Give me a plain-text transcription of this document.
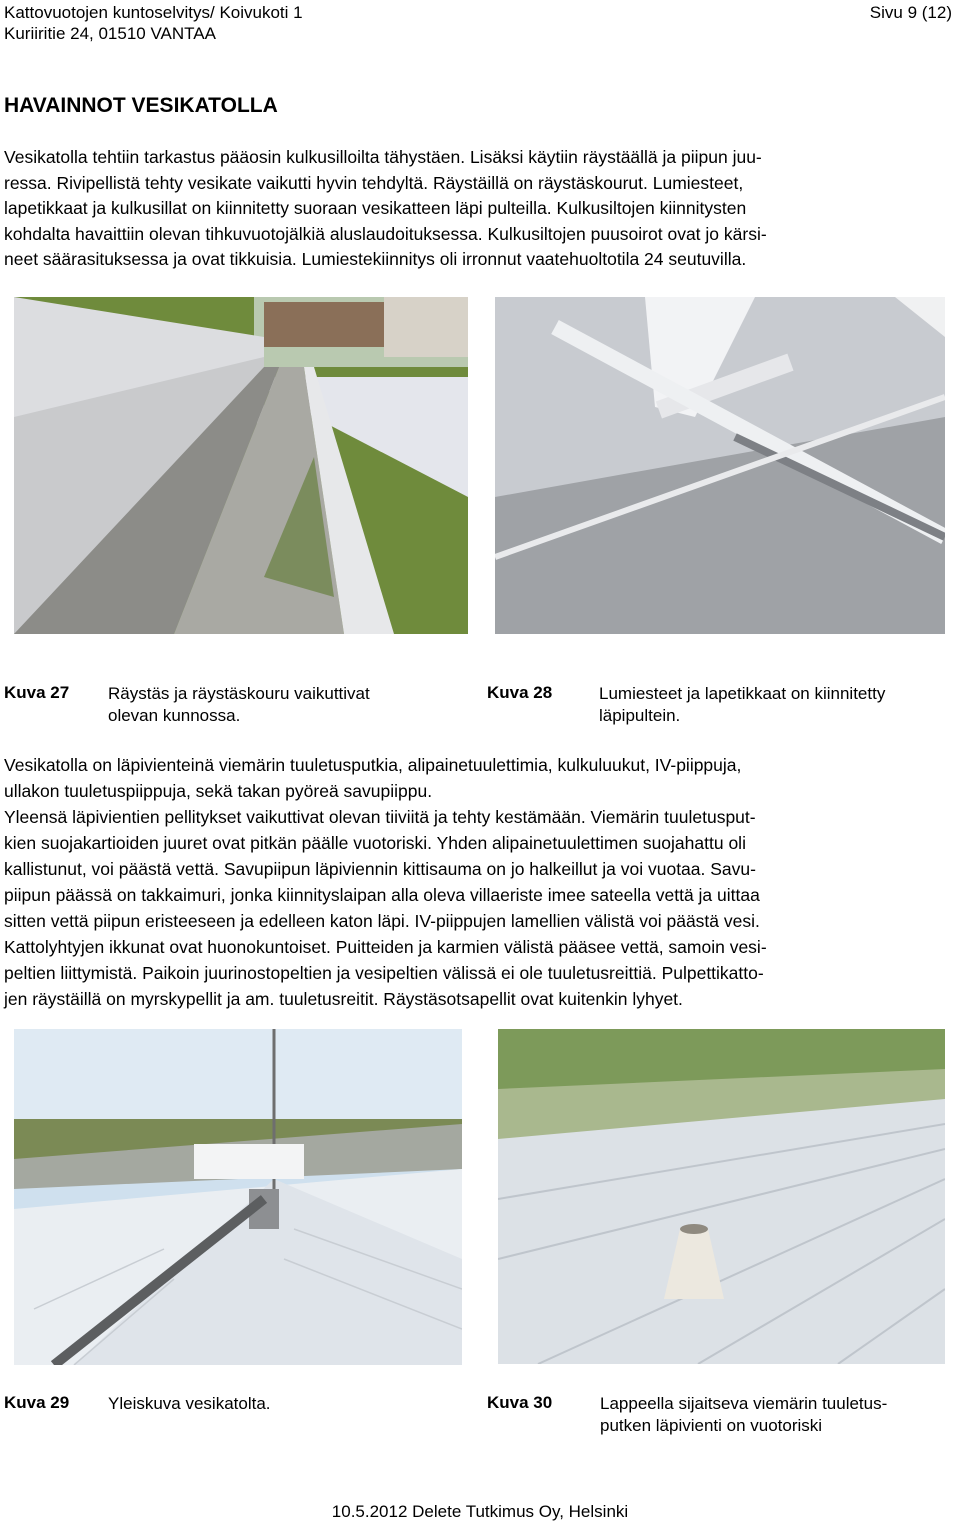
Kattovuotojen kuntoselvitys/ Koivukoti 1
Kuriiritie 24, 01510 VANTAA
Sivu 9 (12)
HAVAINNOT VESIKATOLLA
Vesikatolla tehtiin tarkastus pääosin kulkusilloilta tähystäen. Lisäksi käytiin räystäällä ja piipun juu-
ressa. Rivipellistä tehty vesikate vaikutti hyvin tehdyltä. Räystäillä on räystäskourut. Lumiesteet,
lapetikkaat ja kulkusillat on kiinnitetty suoraan vesikatteen läpi pulteilla. Kulkusiltojen kiinnitysten
kohdalta havaittiin olevan tihkuvuotojälkiä aluslaudoituksessa. Kulkusiltojen puusoirot ovat jo kärsi-
neet säärasituksessa ja ovat tikkuisia. Lumiestekiinnitys oli irronnut vaatehuoltotila 24 seutuvilla.
Kuva 27 Räystäs ja räystäskouru vaikuttivat
olevan kunnossa.
Kuva 28	Lumiesteet ja lapetikkaat on kiinnitetty
läpipultein.
Vesikatolla on läpivienteinä viemärin tuuletusputkia, alipainetuulettimia, kulkuluukut, IV-piippuja,
ullakon tuuletuspiippuja, sekä takan pyöreä savupiippu.
Yleensä läpivientien pellitykset vaikuttivat olevan tiiviitä ja tehty kestämään. Viemärin tuuletusput-
kien suojakartioiden juuret ovat pitkän päälle vuotoriski. Yhden alipainetuulettimen suojahattu oli
kallistunut, voi päästä vettä. Savupiipun läpiviennin kittisauma on jo halkeillut ja voi vuotaa. Savu-
piipun päässä on takkaimuri, jonka kiinnityslaipan alla oleva villaeriste imee sateella vettä ja uittaa
sitten vettä piipun eristeeseen ja edelleen katon läpi. IV-piippujen lamellien välistä voi päästä vesi.
Kattolyhtyjen ikkunat ovat huonokuntoiset. Puitteiden ja karmien välistä pääsee vettä, samoin vesi-
peltien liittymistä. Paikoin juurinostopeltien ja vesipeltien välissä ei ole tuuletusreittiä. Pulpettikatto-
jen räystäillä on myrskypellit ja am. tuuletusreitit. Räystäsotsapellit ovat kuitenkin lyhyet.
Kuva 29 Yleiskuva vesikatolta.	Kuva 30	Lappeella sijaitseva viemärin tuuletus-
putken läpivienti on vuotoriski
10.5.2012 Delete Tutkimus Oy, Helsinki
